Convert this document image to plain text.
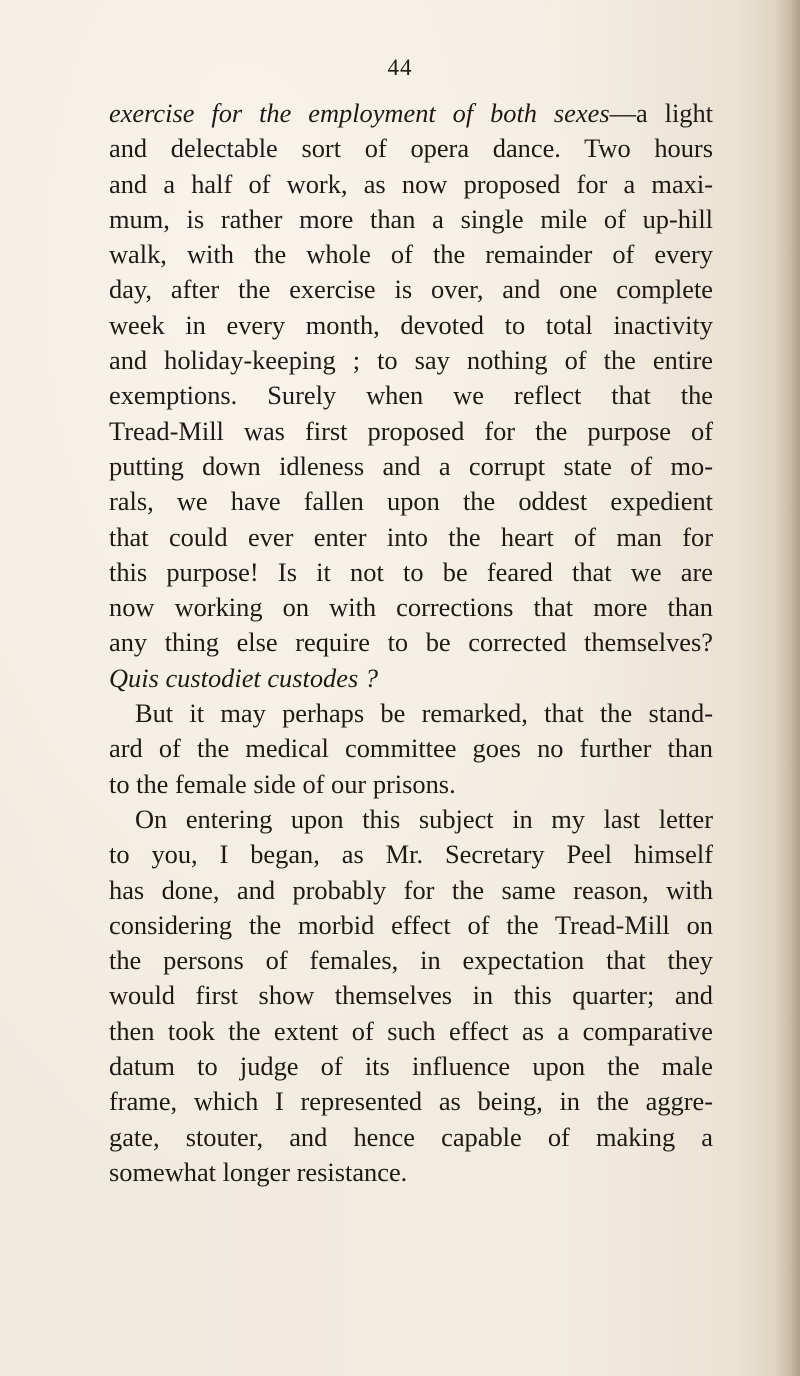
44
exercise for the employment of both sexes—a light
and delectable sort of opera dance. Two hours
and a half of work, as now proposed for a maxi-
mum, is rather more than a single mile of up-hill
walk, with the whole of the remainder of every
day, after the exercise is over, and one complete
week in every month, devoted to total inactivity
and holiday-keeping ; to say nothing of the entire
exemptions. Surely when we reflect that the
Tread-Mill was first proposed for the purpose of
putting down idleness and a corrupt state of mo-
rals, we have fallen upon the oddest expedient
that could ever enter into the heart of man for
this purpose! Is it not to be feared that we are
now working on with corrections that more than
any thing else require to be corrected themselves?
Quis custodiet custodes ?
But it may perhaps be remarked, that the stand-
ard of the medical committee goes no further than
to the female side of our prisons.
On entering upon this subject in my last letter
to you, I began, as Mr. Secretary Peel himself
has done, and probably for the same reason, with
considering the morbid effect of the Tread-Mill on
the persons of females, in expectation that they
would first show themselves in this quarter; and
then took the extent of such effect as a comparative
datum to judge of its influence upon the male
frame, which I represented as being, in the aggre-
gate, stouter, and hence capable of making a
somewhat longer resistance.
